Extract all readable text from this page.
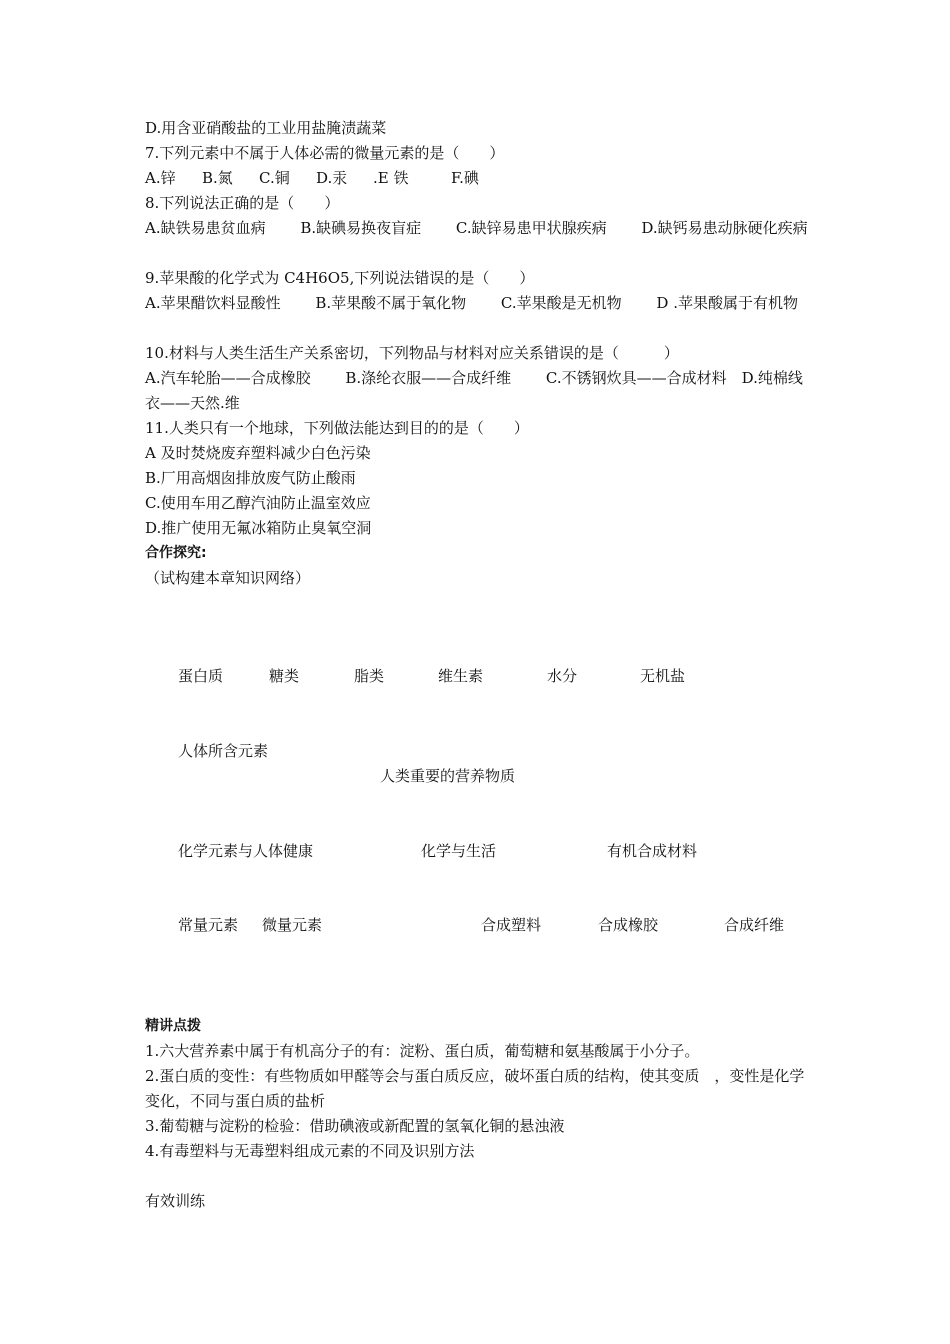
D.用含亚硝酸盐的工业用盐腌渍蔬菜
7.下列元素中不属于人体必需的微量元素的是（　　）
A.锌 B.氮 C.铜 D.汞 .E 铁	F.碘
8.下列说法正确的是（　　）
A.缺铁易患贫血病　　 B.缺碘易换夜盲症　　 C.缺锌易患甲状腺疾病　　 D.缺钙易患动脉硬化疾病
9.苹果酸的化学式为 C4H6O5,下列说法错误的是（　　）
A.苹果醋饮料显酸性　　 B.苹果酸不属于氧化物　　 C.苹果酸是无机物　　 D .苹果酸属于有机物
10.材料与人类生活生产关系密切，下列物品与材料对应关系错误的是（　　　）
A.汽车轮胎——合成橡胶　　 B.涤纶衣服——合成纤维　　 C.不锈钢炊具——合成材料　D.纯棉线衣——天然.维
11.人类只有一个地球，下列做法能达到目的的是（　　）
A 及时焚烧废弃塑料减少白色污染
B.厂用高烟囱排放废气防止酸雨
C.使用车用乙醇汽油防止温室效应
D.推广使用无氟冰箱防止臭氧空洞
合作探究:
（试构建本章知识网络）
蛋白质	糖类	脂类	维生素	水分	无机盐
人体所含元素
人类重要的营养物质
化学元素与人体健康	化学与生活	有机合成材料
常量元素 微量元素	合成塑料	合成橡胶	合成纤维
精讲点拨
1.六大营养素中属于有机高分子的有：淀粉、蛋白质，葡萄糖和氨基酸属于小分子。
2.蛋白质的变性：有些物质如甲醛等会与蛋白质反应，破坏蛋白质的结构，使其变质　，变性是化学变化，不同与蛋白质的盐析
3.葡萄糖与淀粉的检验：借助碘液或新配置的氢氧化铜的悬浊液
4.有毒塑料与无毒塑料组成元素的不同及识别方法
有效训练
